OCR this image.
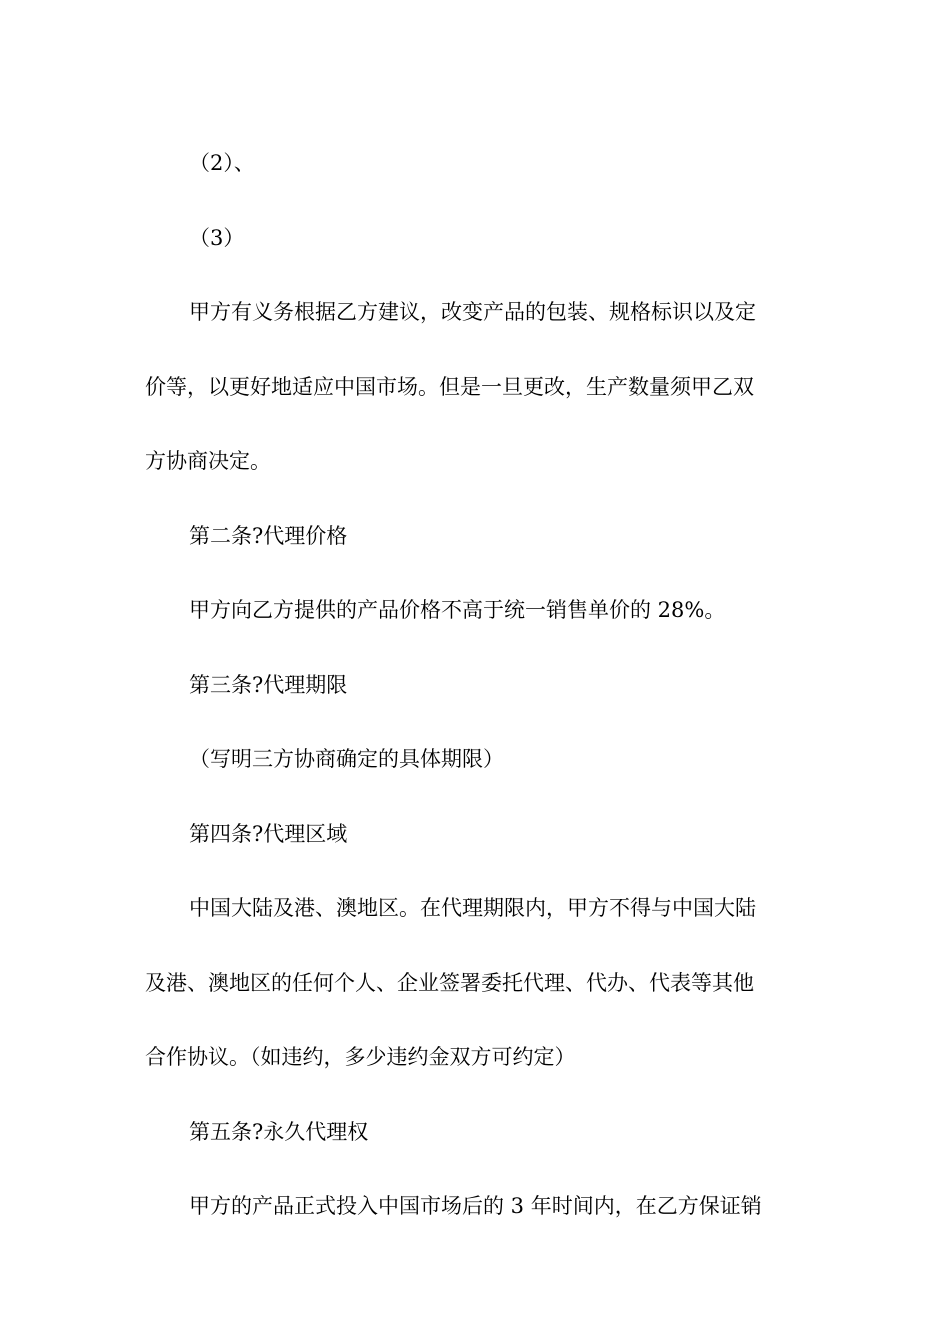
（2）、

（3）

甲方有义务根据乙方建议，改变产品的包装、规格标识以及定

价等，以更好地适应中国市场。但是一旦更改，生产数量须甲乙双

方协商决定。

第二条?代理价格

甲方向乙方提供的产品价格不高于统一销售单价的 28%。

第三条?代理期限

（写明三方协商确定的具体期限）

第四条?代理区域

中国大陆及港、澳地区。在代理期限内，甲方不得与中国大陆

及港、澳地区的任何个人、企业签署委托代理、代办、代表等其他

合作协议。（如违约，多少违约金双方可约定）

第五条?永久代理权

甲方的产品正式投入中国市场后的 3 年时间内，在乙方保证销
